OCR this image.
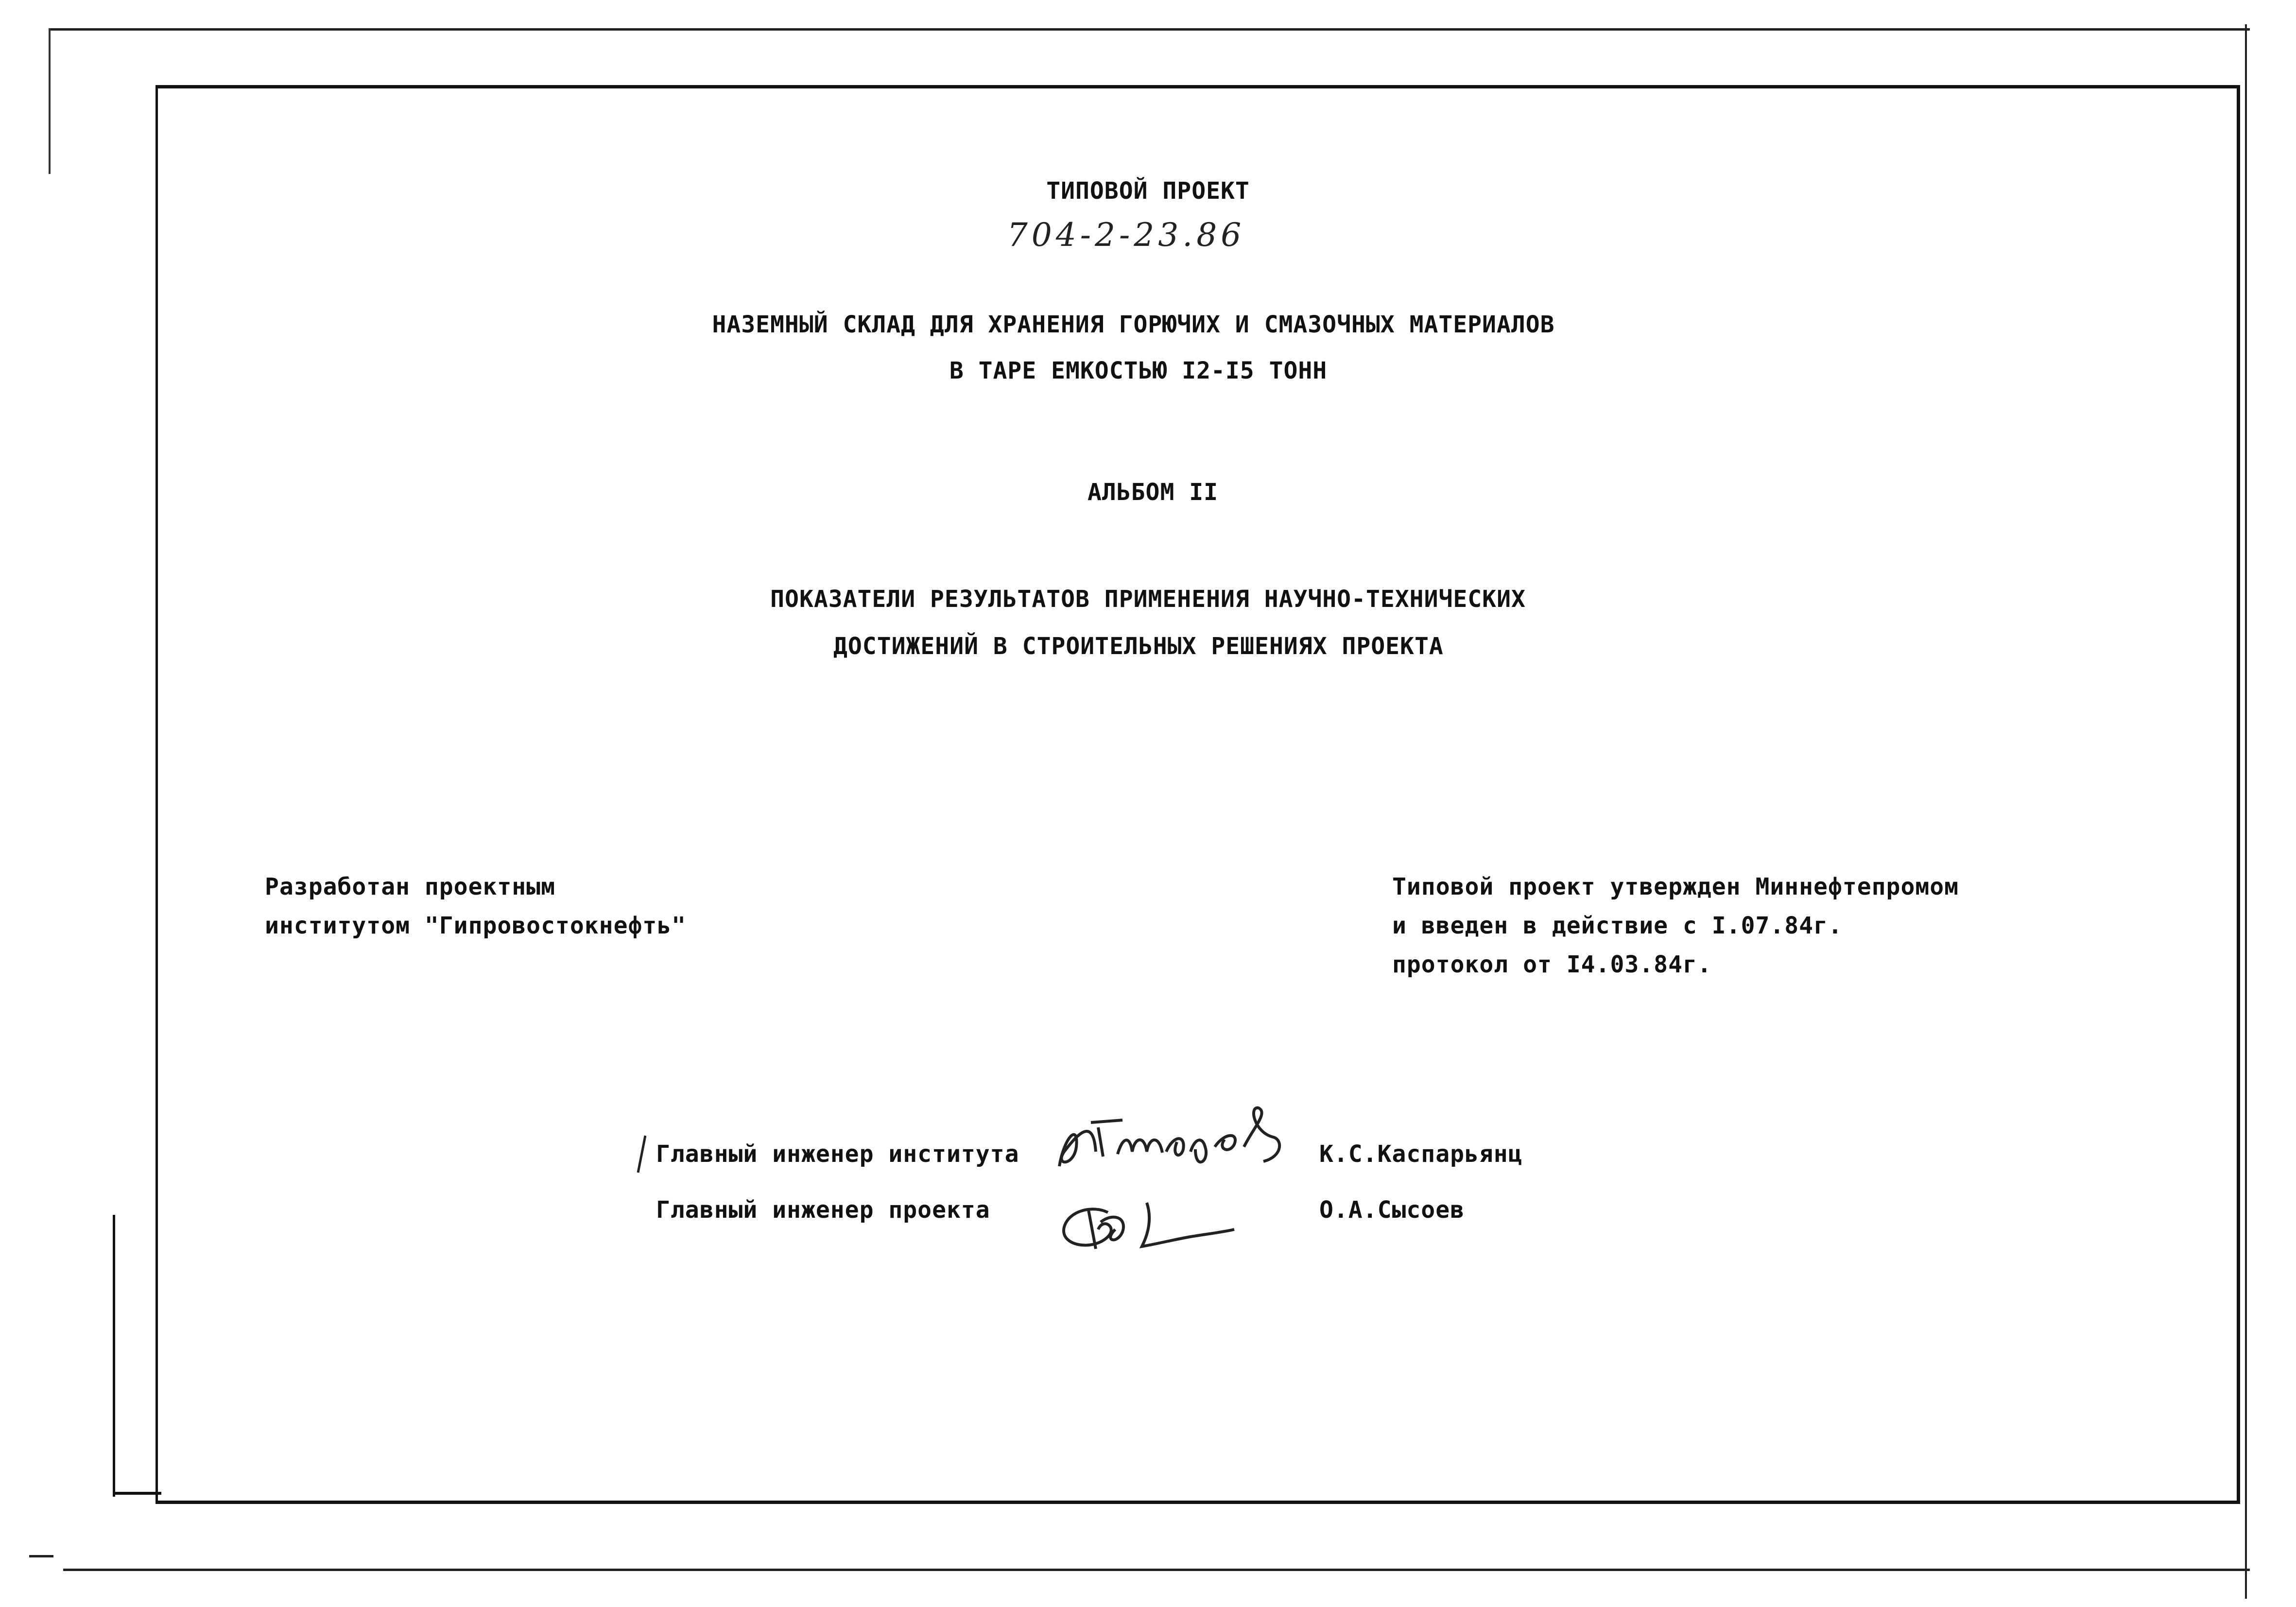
ТИПОВОЙ ПРОЕКТ
704-2-23.86
НАЗЕМНЫЙ СКЛАД ДЛЯ ХРАНЕНИЯ ГОРЮЧИХ И СМАЗОЧНЫХ МАТЕРИАЛОВ
В ТАРЕ ЕМКОСТЬЮ I2-I5 ТОНН
АЛЬБОМ II
ПОКАЗАТЕЛИ РЕЗУЛЬТАТОВ ПРИМЕНЕНИЯ НАУЧНО-ТЕХНИЧЕСКИХ
ДОСТИЖЕНИЙ В СТРОИТЕЛЬНЫХ РЕШЕНИЯХ ПРОЕКТА
Разработан проектным
институтом "Гипровостокнефть"
Типовой проект утвержден Миннефтепромом
и введен в действие с I.07.84г.
протокол от I4.03.84г.
Главный инженер института	К.С.Каспарьянц
Главный инженер проекта	О.А.Сысоев
